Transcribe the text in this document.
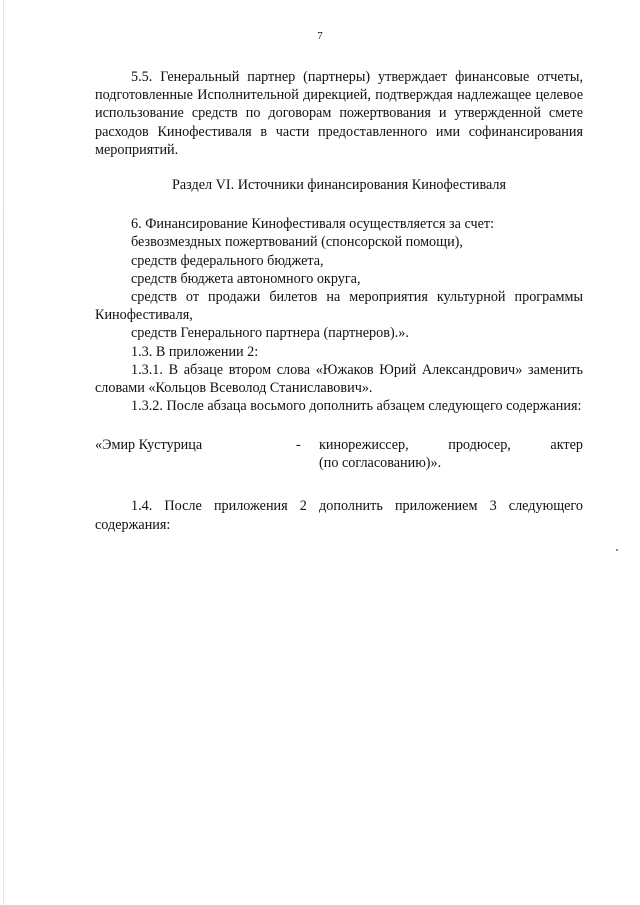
7

5.5. Генеральный партнер (партнеры) утверждает финансовые отчеты, подготовленные Исполнительной дирекцией, подтверждая надлежащее целевое использование средств по договорам пожертвования и утвержденной смете расходов Кинофестиваля в части предоставленного ими софинансирования мероприятий.

Раздел VI. Источники финансирования Кинофестиваля

6. Финансирование Кинофестиваля осуществляется за счет:

безвозмездных пожертвований (спонсорской помощи),

средств федерального бюджета,

средств бюджета автономного округа,

средств от продажи билетов на мероприятия культурной программы Кинофестиваля,

средств Генерального партнера (партнеров).».

1.3. В приложении 2:

1.3.1. В абзаце втором слова «Южаков Юрий Александрович» заменить словами «Кольцов Всеволод Станиславович».

1.3.2. После абзаца восьмого дополнить абзацем следующего содержания:

«Эмир Кустурица	- кинорежиссер, продюсер, актер
(по согласованию)».

1.4. После приложения 2 дополнить приложением 3 следующего содержания:
